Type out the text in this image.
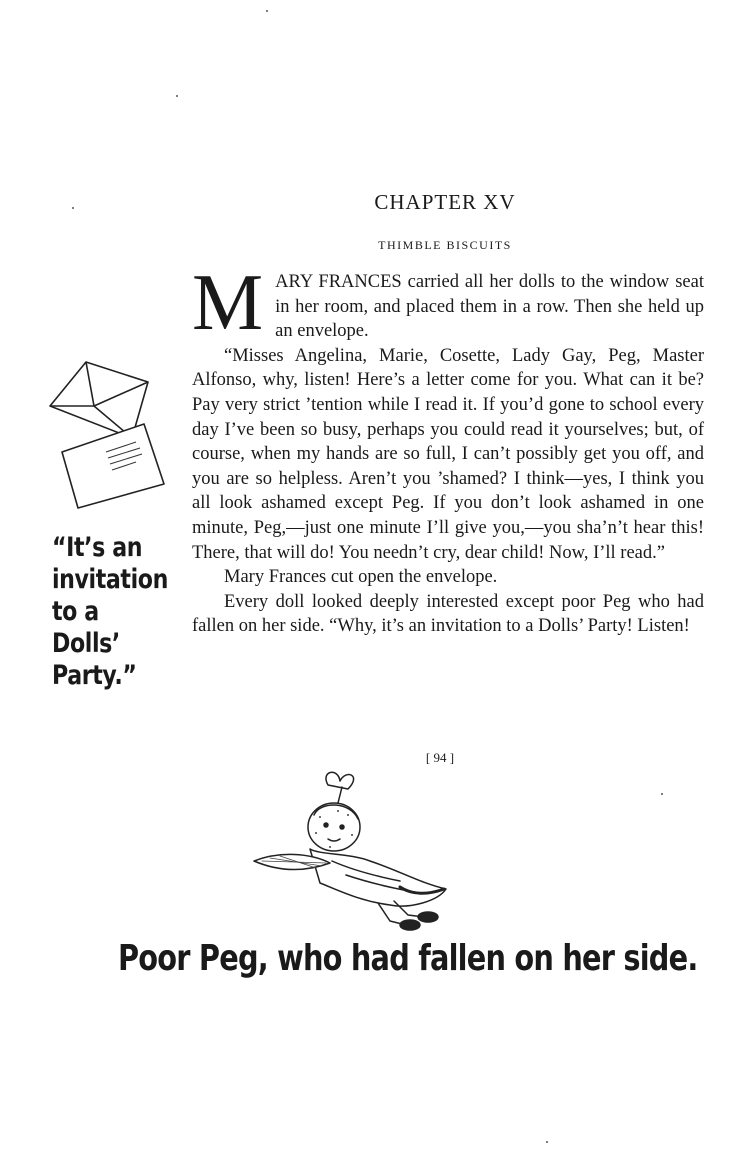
CHAPTER XV
THIMBLE BISCUITS

MARY FRANCES carried all her dolls to the window seat in her room, and placed them in a row. Then she held up an envelope.

“Misses Angelina, Marie, Cosette, Lady Gay, Peg, Master Alfonso, why, listen! Here’s a letter come for you. What can it be? Pay very strict ’tention while I read it. If you’d gone to school every day I’ve been so busy, perhaps you could read it yourselves; but, of course, when my hands are so full, I can’t possibly get you off, and you are so helpless. Aren’t you ’shamed? I think—yes, I think you all look ashamed except Peg. If you don’t look ashamed in one minute, Peg,—just one minute I’ll give you,—you sha’n’t hear this! There, that will do! You needn’t cry, dear child! Now, I’ll read.”

Mary Frances cut open the envelope.

Every doll looked deeply interested except poor Peg who had fallen on her side. “Why, it’s an invitation to a Dolls’ Party! Listen!

[ 94 ]
“It’s an
invitation
to a Dolls’
Party.”
Poor Peg, who had fallen on her side.
